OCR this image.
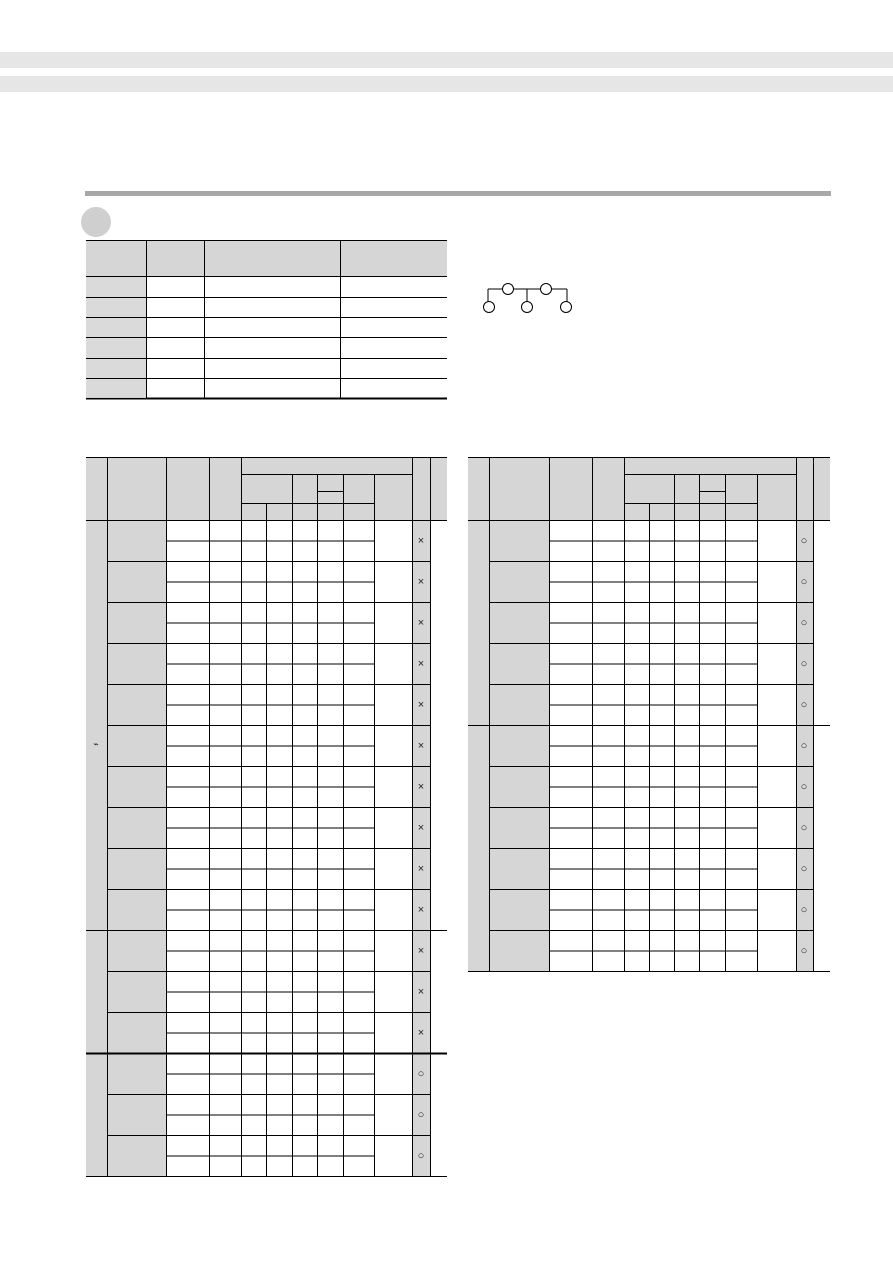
×
×
×
×
×
×
×
×
×
×
×
×
×
○
○
○
○
○
○
○
○
○
○
○
○
○
○
⌁
